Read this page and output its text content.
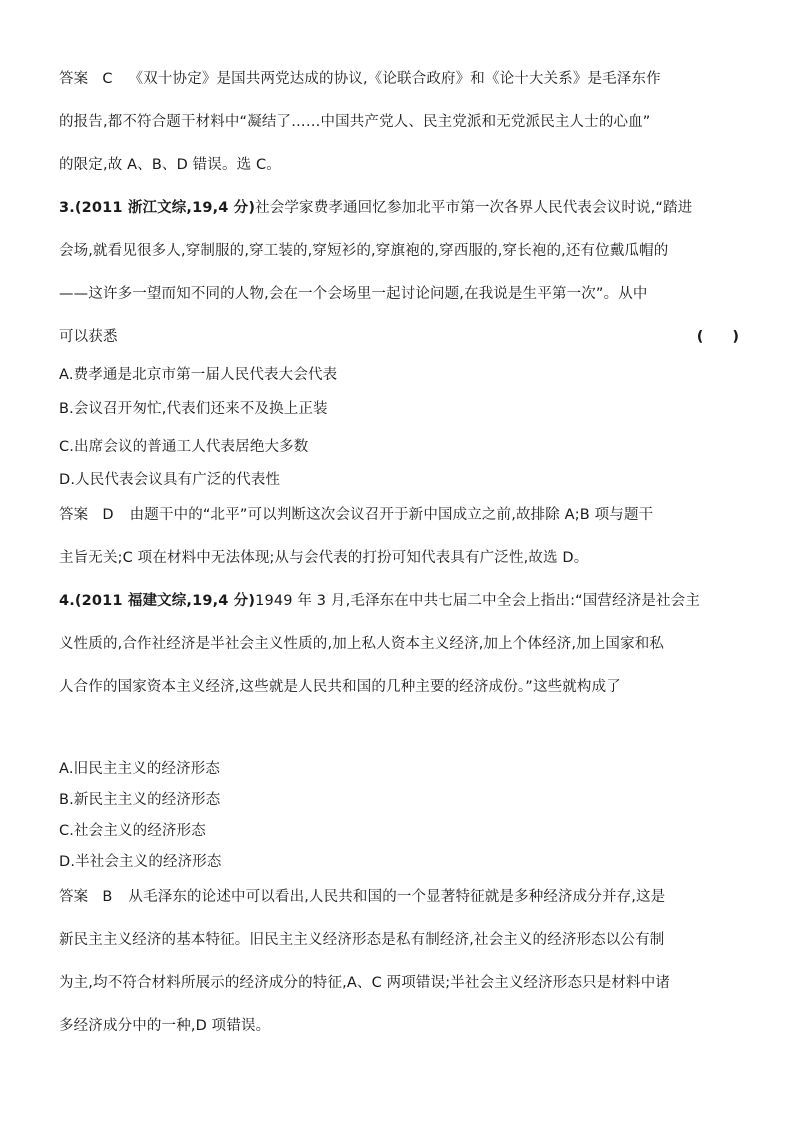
答案 C 《双十协定》是国共两党达成的协议,《论联合政府》和《论十大关系》是毛泽东作
的报告,都不符合题干材料中“凝结了……中国共产党人、民主党派和无党派民主人士的心血”
的限定,故 A、B、D 错误。选 C。
3.(2011 浙江文综,19,4 分)社会学家费孝通回忆参加北平市第一次各界人民代表会议时说,“踏进
会场,就看见很多人,穿制服的,穿工装的,穿短衫的,穿旗袍的,穿西服的,穿长袍的,还有位戴瓜帽的
——这许多一望而知不同的人物,会在一个会场里一起讨论问题,在我说是生平第一次”。从中
可以获悉	(　　)
A.费孝通是北京市第一届人民代表大会代表
B.会议召开匆忙,代表们还来不及换上正装
C.出席会议的普通工人代表居绝大多数
D.人民代表会议具有广泛的代表性
答案 D 由题干中的“北平”可以判断这次会议召开于新中国成立之前,故排除 A;B 项与题干
主旨无关;C 项在材料中无法体现;从与会代表的打扮可知代表具有广泛性,故选 D。
4.(2011 福建文综,19,4 分)1949 年 3 月,毛泽东在中共七届二中全会上指出:“国营经济是社会主
义性质的,合作社经济是半社会主义性质的,加上私人资本主义经济,加上个体经济,加上国家和私
人合作的国家资本主义经济,这些就是人民共和国的几种主要的经济成份。”这些就构成了
A.旧民主主义的经济形态
B.新民主主义的经济形态
C.社会主义的经济形态
D.半社会主义的经济形态
答案 B 从毛泽东的论述中可以看出,人民共和国的一个显著特征就是多种经济成分并存,这是
新民主主义经济的基本特征。旧民主主义经济形态是私有制经济,社会主义的经济形态以公有制
为主,均不符合材料所展示的经济成分的特征,A、C 两项错误;半社会主义经济形态只是材料中诸
多经济成分中的一种,D 项错误。
